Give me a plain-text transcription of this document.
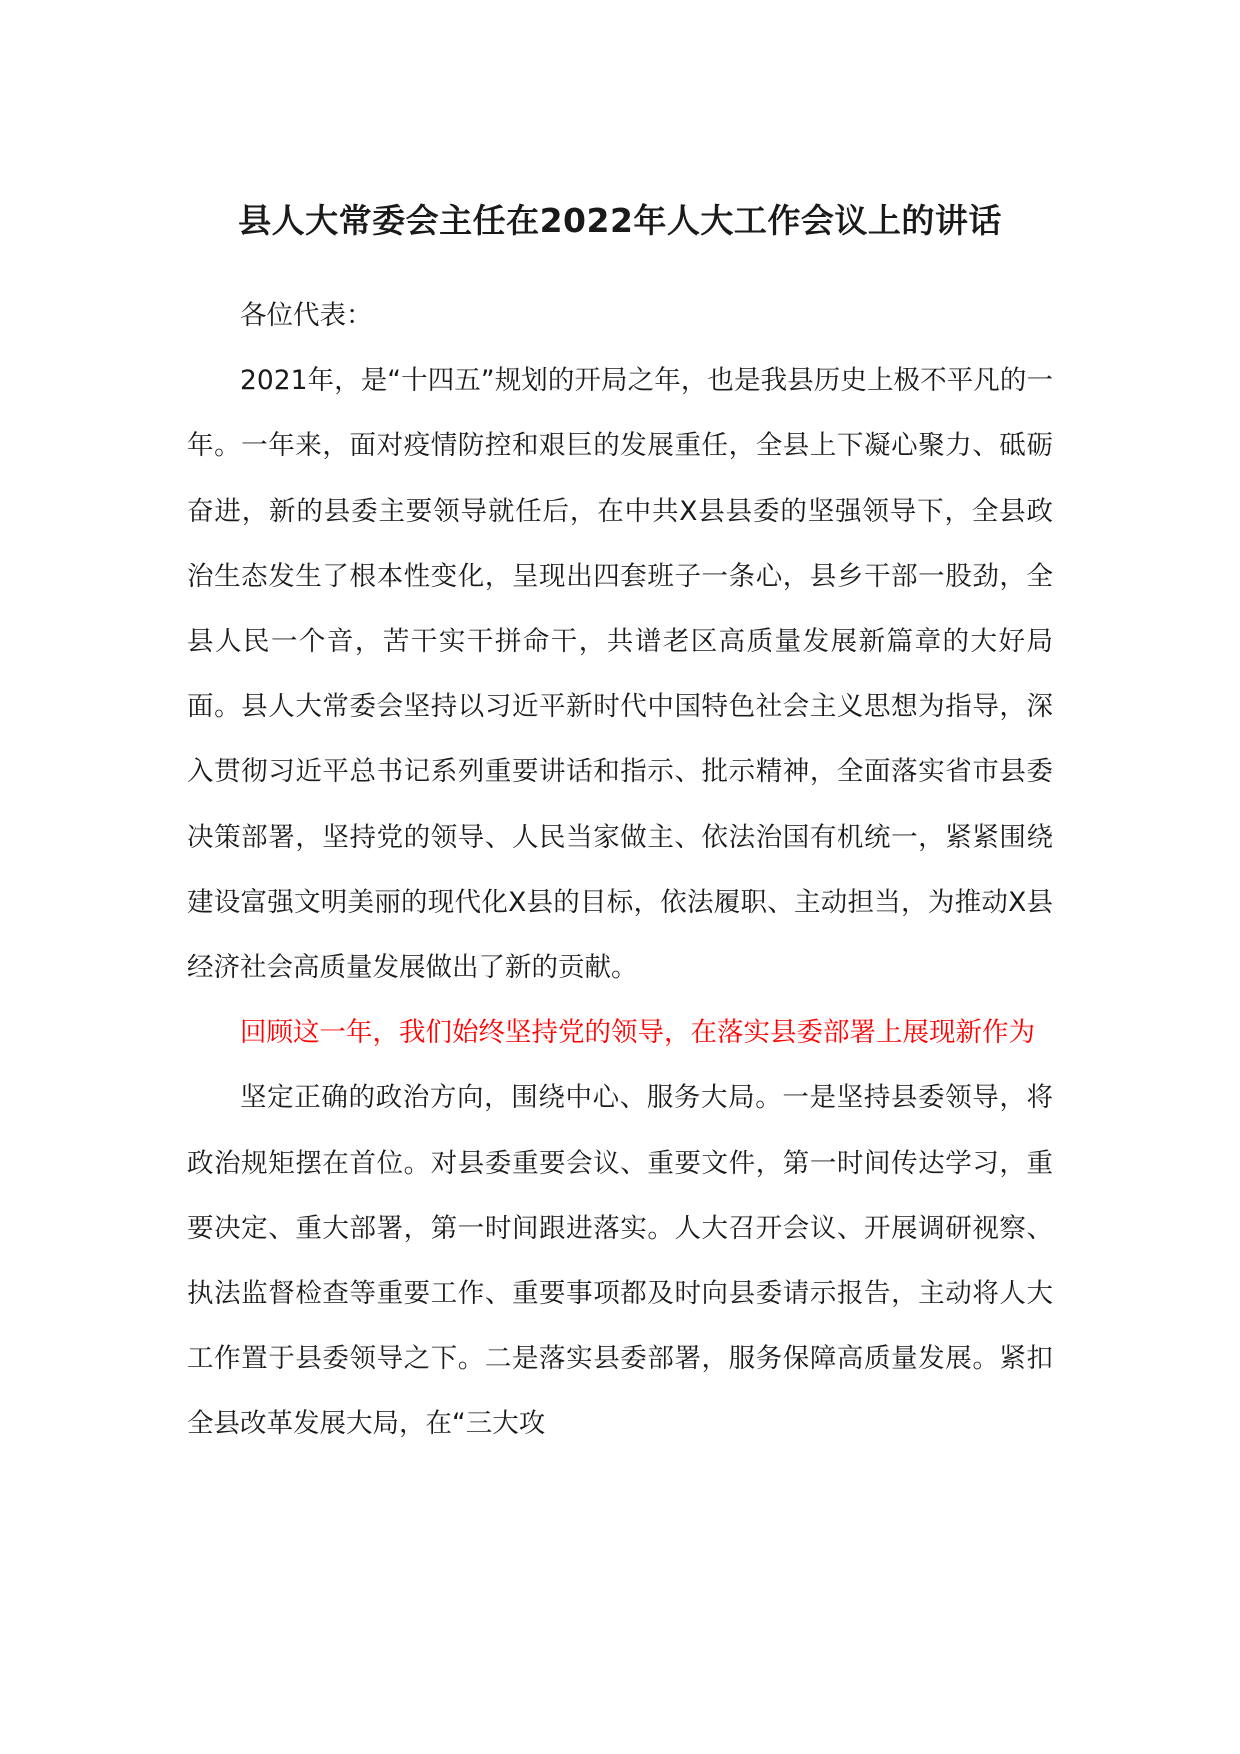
县人大常委会主任在2022年人大工作会议上的讲话

各位代表：

2021年，是“十四五”规划的开局之年，也是我县历史上极不平凡的一年。一年来，面对疫情防控和艰巨的发展重任，全县上下凝心聚力、砥砺奋进，新的县委主要领导就任后，在中共X县县委的坚强领导下，全县政治生态发生了根本性变化，呈现出四套班子一条心，县乡干部一股劲，全县人民一个音，苦干实干拼命干，共谱老区高质量发展新篇章的大好局面。县人大常委会坚持以习近平新时代中国特色社会主义思想为指导，深入贯彻习近平总书记系列重要讲话和指示、批示精神，全面落实省市县委决策部署，坚持党的领导、人民当家做主、依法治国有机统一，紧紧围绕建设富强文明美丽的现代化X县的目标，依法履职、主动担当，为推动X县经济社会高质量发展做出了新的贡献。

回顾这一年，我们始终坚持党的领导，在落实县委部署上展现新作为

坚定正确的政治方向，围绕中心、服务大局。一是坚持县委领导，将政治规矩摆在首位。对县委重要会议、重要文件，第一时间传达学习，重要决定、重大部署，第一时间跟进落实。人大召开会议、开展调研视察、执法监督检查等重要工作、重要事项都及时向县委请示报告，主动将人大工作置于县委领导之下。二是落实县委部署，服务保障高质量发展。紧扣全县改革发展大局，在“三大攻
